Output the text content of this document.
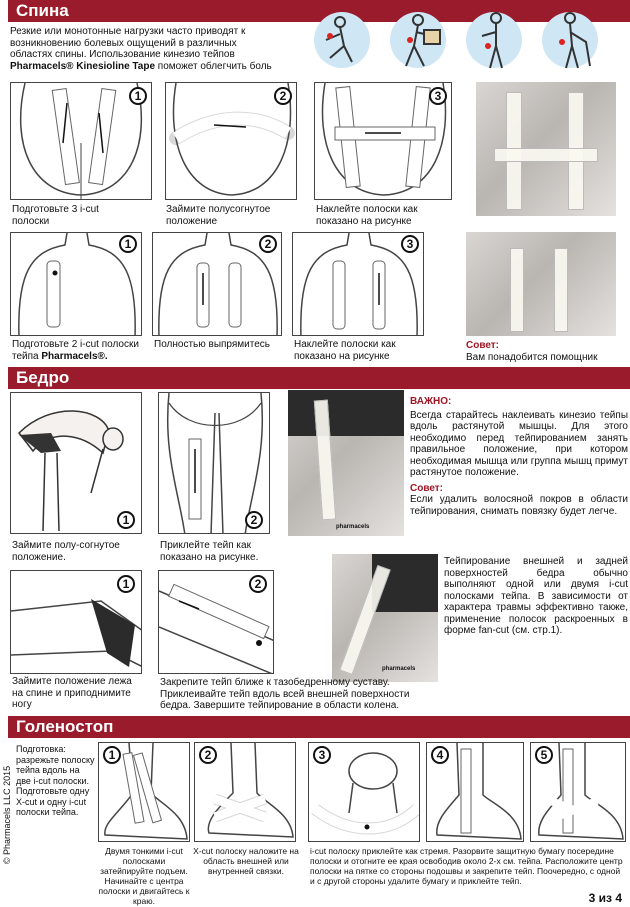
Спина
Резкие или монотонные нагрузки часто приводят к
возникновению болевых ощущений в различных
областях спины. Использование кинезио тейпов
Pharmacels® Kinesioline Tape поможет облегчить боль
1	2	3
Подготовьте 3 i-cut
полоски
Займите полусогнутое
положение
Наклейте полоски как
показано на рисунке
1	2	3
Подготовьте 2 i-cut полоски
тейпа Pharmacels®.
Полностью выпрямитесь Наклейте полоски как
показано на рисунке
Совет:
Вам понадобится помощник
Бедро
1	2	pharmacels
ВАЖНО:
Всегда старайтесь наклеивать кинезио тейпы вдоль растянутой мышцы. Для этого необходимо перед тейпированием занять правильное положение, при котором необходимая мышца или группа мышц примут растянутое положение.
Совет:
Если удалить волосяной покров в области тейпирования, снимать повязку будет легче.
Займите полу-согнутое
положение.
Приклейте тейп как
показано на рисунке.
1	2
pharmacels
Тейпирование внешней и задней поверхностей бедра обычно выполняют одной или двумя i-cut полосками тейпа. В зависимости от характера травмы эффективно также, применение полосок раскроенных в форме fan-cut (см. стр.1).
Займите положение лежа
на спине и приподнимите
ногу
Закрепите тейп ближе к тазобедренному суставу.
Приклеивайте тейп вдоль всей внешней поверхности
бедра. Завершите тейпирование в области колена.
Голеностоп
© Pharmacels LLC 2015
Подготовка:
разрежьте полоску тейпа вдоль на две i-cut полоски. Подготовьте одну X-cut и одну i-cut полоски тейпа.
1	2	3	4	5
Двумя тонкими i-cut полосками затейпируйте подъем. Начинайте с центра полоски и двигайтесь к краю.
X-cut полоску наложите на область внешней или внутренней связки.
i-cut полоску приклейте как стремя. Разорвите защитную бумагу посередине полоски и отогните ее края освободив около 2-х см. тейпа. Расположите центр полоски на пятке со стороны подошвы и закрепите тейп. Поочередно, с одной и с другой стороны удалите бумагу и приклейте тейп.
3 из 4
